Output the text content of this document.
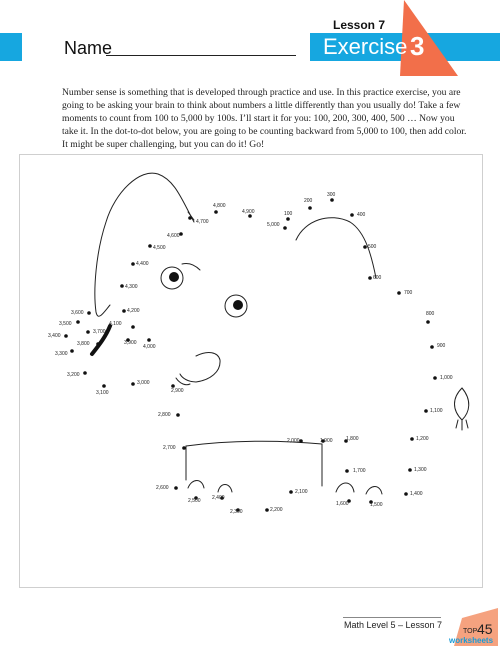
Lesson 7
Name	Exercise 3

Number sense is something that is developed through practice and use. In this practice exercise, you are going to be asking your brain to think about numbers a little differently than you usually do! Take a few moments to count from 100 to 5,000 by 100s. I’ll start it for you: 100, 200, 300, 400, 500 … Now you take it. In the dot-to-dot below, you are going to be counting backward from 5,000 to 100, then add color. It might be super challenging, but you can do it! Go!

5,000
4,900
4,800
4,700
4,600
4,500
4,400
4,300
4,200
4,100
4,000
3,900
3,800
3,700
3,600
3,500
3,400
3,300
3,200
3,100
3,000
2,900
2,800
2,700
2,600
2,500 2,400
2,300	2,200
2,100
2,000	1,900	1,800
1,700
1,600	1,500
1,400
1,300
1,200
1,100
1,000
900
800
700
600
500
400
300
200
100
Math Level 5 – Lesson 7
TOP 45
worksheets
